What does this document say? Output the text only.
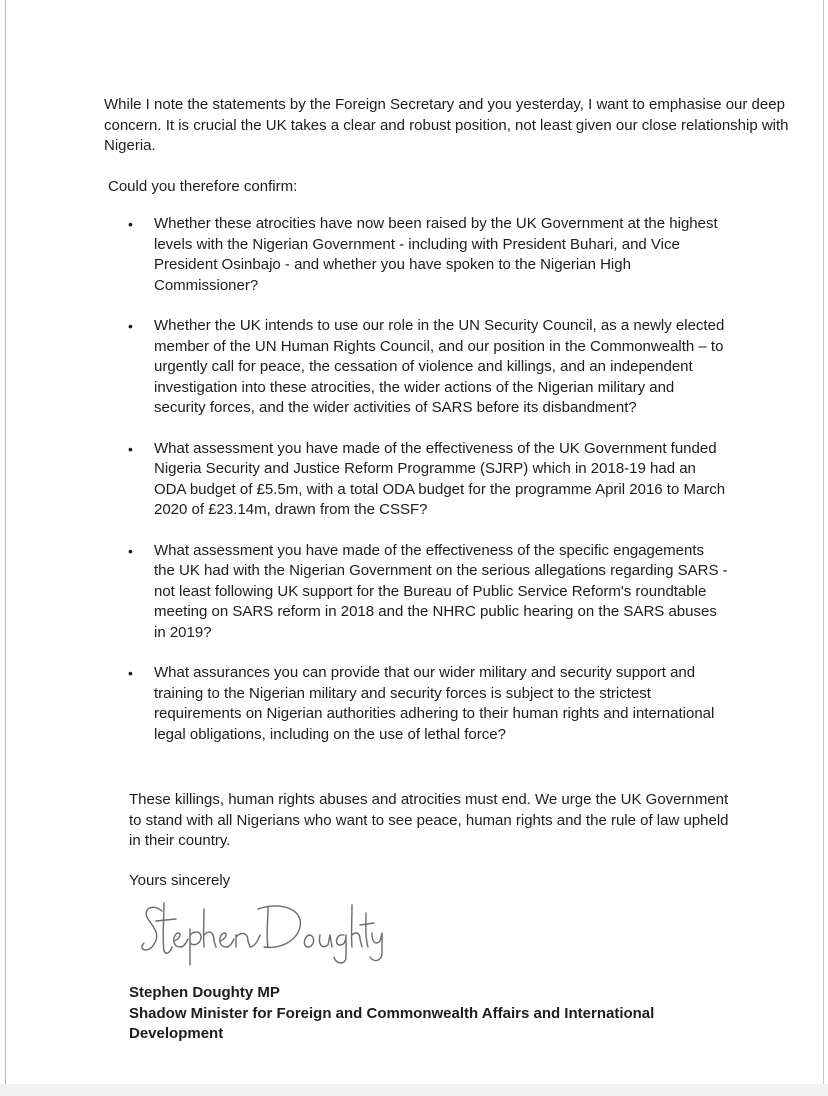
While I note the statements by the Foreign Secretary and you yesterday, I want to emphasise our deep concern. It is crucial the UK takes a clear and robust position, not least given our close relationship with Nigeria.
Could you therefore confirm:
•	Whether these atrocities have now been raised by the UK Government at the highest levels with the Nigerian Government - including with President Buhari, and Vice President Osinbajo - and whether you have spoken to the Nigerian High Commissioner?
•	Whether the UK intends to use our role in the UN Security Council, as a newly elected member of the UN Human Rights Council, and our position in the Commonwealth – to urgently call for peace, the cessation of violence and killings, and an independent investigation into these atrocities, the wider actions of the Nigerian military and security forces, and the wider activities of SARS before its disbandment?
•	What assessment you have made of the effectiveness of the UK Government funded Nigeria Security and Justice Reform Programme (SJRP) which in 2018-19 had an ODA budget of £5.5m, with a total ODA budget for the programme April 2016 to March 2020 of £23.14m, drawn from the CSSF?
•	What assessment you have made of the effectiveness of the specific engagements the UK had with the Nigerian Government on the serious allegations regarding SARS - not least following UK support for the Bureau of Public Service Reform's roundtable meeting on SARS reform in 2018 and the NHRC public hearing on the SARS abuses in 2019?
•	What assurances you can provide that our wider military and security support and training to the Nigerian military and security forces is subject to the strictest requirements on Nigerian authorities adhering to their human rights and international legal obligations, including on the use of lethal force?
These killings, human rights abuses and atrocities must end. We urge the UK Government to stand with all Nigerians who want to see peace, human rights and the rule of law upheld in their country.
Yours sincerely
Stephen Doughty MP
Shadow Minister for Foreign and Commonwealth Affairs and International Development
